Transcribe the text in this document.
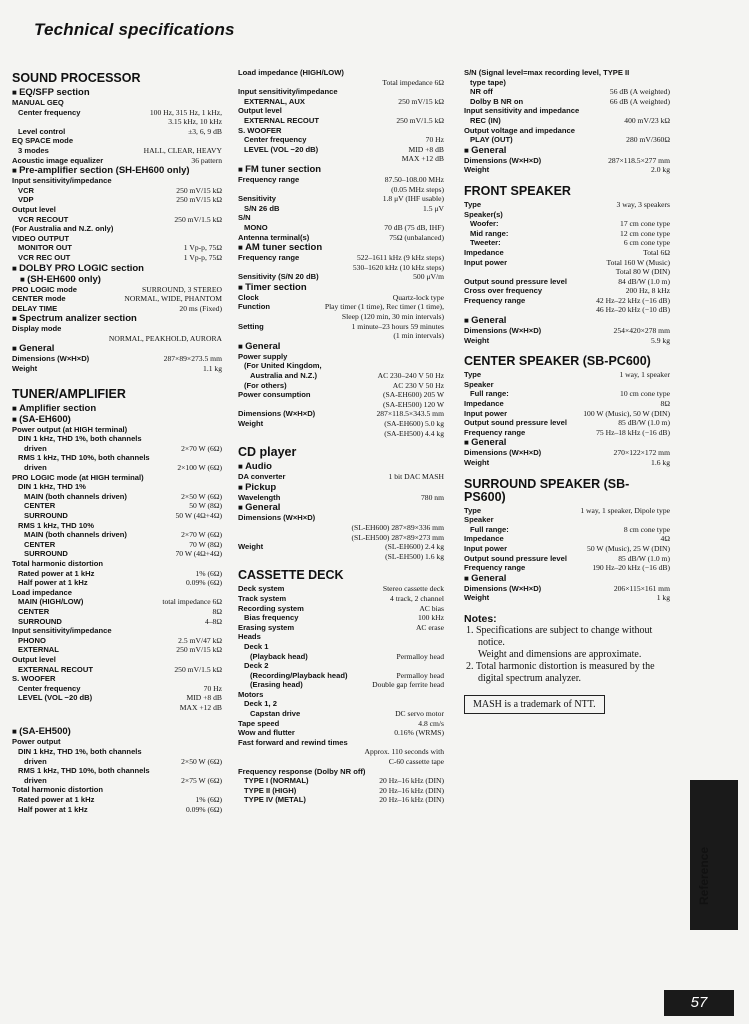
Technical specifications
SOUND PROCESSOR
■ EQ/SFP section
MANUAL GEQ
Center frequency	100 Hz, 315 Hz, 1 kHz,
3.15 kHz, 10 kHz
Level control	±3, 6, 9 dB
EQ SPACE mode
3 modes	HALL, CLEAR, HEAVY
Acoustic image equalizer	36 pattern
■ Pre-amplifier section (SH-EH600 only)
Input sensitivity/impedance
VCR	250 mV/15 kΩ
VDP	250 mV/15 kΩ
Output level
VCR RECOUT	250 mV/1.5 kΩ
(For Australia and N.Z. only)
VIDEO OUTPUT
MONITOR OUT	1 Vp-p, 75Ω
VCR REC OUT	1 Vp-p, 75Ω
■ DOLBY PRO LOGIC section
■ (SH-EH600 only)
PRO LOGIC mode	SURROUND, 3 STEREO
CENTER mode	NORMAL, WIDE, PHANTOM
DELAY TIME	20 ms (Fixed)
■ Spectrum analizer section
Display mode
NORMAL, PEAKHOLD, AURORA
■ General
Dimensions (W×H×D)	287×89×273.5 mm
Weight	1.1 kg
TUNER/AMPLIFIER
■ Amplifier section
■ (SA-EH600)
Power output (at HIGH terminal)
DIN 1 kHz, THD 1%, both channels
driven	2×70 W (6Ω)
RMS 1 kHz, THD 10%, both channels
driven	2×100 W (6Ω)
PRO LOGIC mode (at HIGH terminal)
DIN 1 kHz, THD 1%
MAIN (both channels driven)	2×50 W (6Ω)
CENTER	50 W (8Ω)
SURROUND	50 W (4Ω+4Ω)
RMS 1 kHz, THD 10%
MAIN (both channels driven)	2×70 W (6Ω)
CENTER	70 W (8Ω)
SURROUND	70 W (4Ω+4Ω)
Total harmonic distortion
Rated power at 1 kHz	1% (6Ω)
Half power at 1 kHz	0.09% (6Ω)
Load impedance
MAIN (HIGH/LOW)	total impedance 6Ω
CENTER	8Ω
SURROUND	4–8Ω
Input sensitivity/impedance
PHONO	2.5 mV/47 kΩ
EXTERNAL	250 mV/15 kΩ
Output level
EXTERNAL RECOUT	250 mV/1.5 kΩ
S. WOOFER
Center frequency	70 Hz
LEVEL (VOL −20 dB)	MID +8 dB
MAX +12 dB
■ (SA-EH500)
Power output
DIN 1 kHz, THD 1%, both channels
driven	2×50 W (6Ω)
RMS 1 kHz, THD 10%, both channels
driven	2×75 W (6Ω)
Total harmonic distortion
Rated power at 1 kHz	1% (6Ω)
Half power at 1 kHz	0.09% (6Ω)
Load impedance (HIGH/LOW)
Total impedance 6Ω
Input sensitivity/impedance
EXTERNAL, AUX	250 mV/15 kΩ
Output level
EXTERNAL RECOUT	250 mV/1.5 kΩ
S. WOOFER
Center frequency	70 Hz
LEVEL (VOL −20 dB)	MID +8 dB
MAX +12 dB
■ FM tuner section
Frequency range	87.50–108.00 MHz
(0.05 MHz steps)
Sensitivity	1.8 μV (IHF usable)
S/N 26 dB	1.5 μV
S/N
MONO	70 dB (75 dB, IHF)
Antenna terminal(s)	75Ω (unbalanced)
■ AM tuner section
Frequency range	522–1611 kHz (9 kHz steps)
530–1620 kHz (10 kHz steps)
Sensitivity (S/N 20 dB)	500 μV/m
■ Timer section
Clock	Quartz-lock type
Function	Play timer (1 time), Rec timer (1 time),
Sleep (120 min, 30 min intervals)
Setting	1 minute–23 hours 59 minutes
(1 min intervals)
■ General
Power supply
(For United Kingdom,
Australia and N.Z.)	AC 230–240 V 50 Hz
(For others)	AC 230 V 50 Hz
Power consumption	(SA-EH600) 205 W
(SA-EH500) 120 W
Dimensions (W×H×D)	287×118.5×343.5 mm
Weight	(SA-EH600) 5.0 kg
(SA-EH500) 4.4 kg
CD player
■ Audio
DA converter	1 bit DAC MASH
■ Pickup
Wavelength	780 nm
■ General
Dimensions (W×H×D)
(SL-EH600) 287×89×336 mm
(SL-EH500) 287×89×273 mm
Weight	(SL-EH600) 2.4 kg
(SL-EH500) 1.6 kg
CASSETTE DECK
Deck system	Stereo cassette deck
Track system	4 track, 2 channel
Recording system	AC bias
Bias frequency	100 kHz
Erasing system	AC erase
Heads
Deck 1
(Playback head)	Permalloy head
Deck 2
(Recording/Playback head)	Permalloy head
(Erasing head)	Double gap ferrite head
Motors
Deck 1, 2
Capstan drive	DC servo motor
Tape speed	4.8 cm/s
Wow and flutter	0.16% (WRMS)
Fast forward and rewind times
Approx. 110 seconds with
C-60 cassette tape
Frequency response (Dolby NR off)
TYPE I (NORMAL)	20 Hz–16 kHz (DIN)
TYPE II (HIGH)	20 Hz–16 kHz (DIN)
TYPE IV (METAL)	20 Hz–16 kHz (DIN)
S/N (Signal level=max recording level, TYPE II
type tape)
NR off	56 dB (A weighted)
Dolby B NR on	66 dB (A weighted)
Input sensitivity and impedance
REC (IN)	400 mV/23 kΩ
Output voltage and impedance
PLAY (OUT)	280 mV/360Ω
■ General
Dimensions (W×H×D)	287×118.5×277 mm
Weight	2.0 kg
FRONT SPEAKER
Type	3 way, 3 speakers
Speaker(s)
Woofer:	17 cm cone type
Mid range:	12 cm cone type
Tweeter:	6 cm cone type
Impedance	Total 6Ω
Input power	Total 160 W (Music)
Total 80 W (DIN)
Output sound pressure level	84 dB/W (1.0 m)
Cross over frequency	200 Hz, 8 kHz
Frequency range	42 Hz–22 kHz (−16 dB)
46 Hz–20 kHz (−10 dB)
■ General
Dimensions (W×H×D)	254×420×278 mm
Weight	5.9 kg
CENTER SPEAKER (SB-PC600)
Type	1 way, 1 speaker
Speaker
Full range:	10 cm cone type
Impedance	8Ω
Input power	100 W (Music), 50 W (DIN)
Output sound pressure level	85 dB/W (1.0 m)
Frequency range	75 Hz–18 kHz (−16 dB)
■ General
Dimensions (W×H×D)	270×122×172 mm
Weight	1.6 kg
SURROUND SPEAKER (SB-PS600)
Type	1 way, 1 speaker, Dipole type
Speaker
Full range:	8 cm cone type
Impedance	4Ω
Input power	50 W (Music), 25 W (DIN)
Output sound pressure level	85 dB/W (1.0 m)
Frequency range	190 Hz–20 kHz (−16 dB)
■ General
Dimensions (W×H×D)	206×115×161 mm
Weight	1 kg
Notes:
1. Specifications are subject to change without notice.
Weight and dimensions are approximate.
2. Total harmonic distortion is measured by the digital spectrum analyzer.
MASH is a trademark of NTT.
Reference
57
